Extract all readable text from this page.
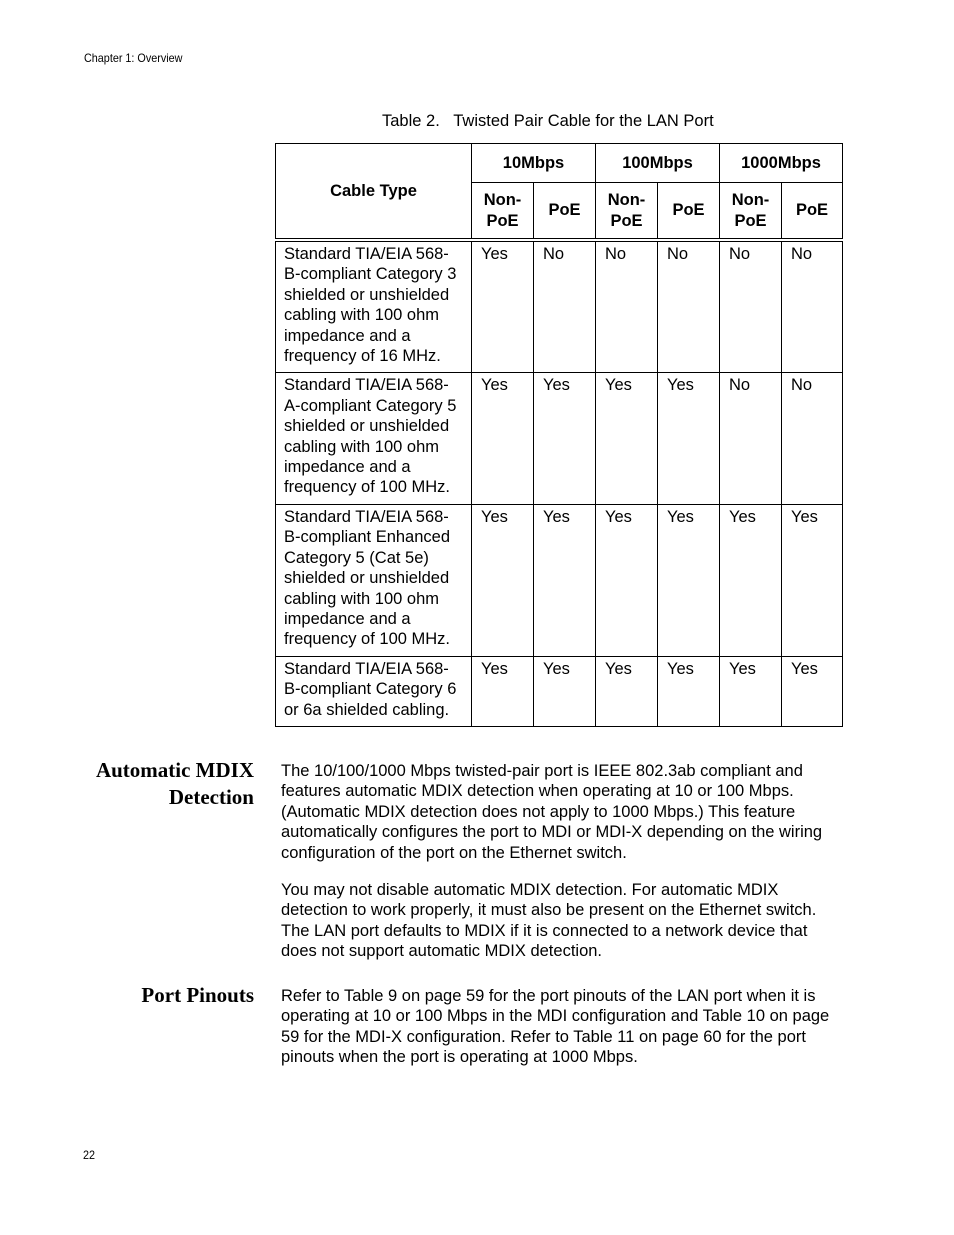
Chapter 1: Overview
Table 2.   Twisted Pair Cable for the LAN Port
Cable Type	10Mbps		100Mbps		1000Mbps	
	Non-PoE	PoE	Non-PoE	PoE	Non-PoE	PoE
Standard TIA/EIA 568-B-compliant Category 3 shielded or unshielded cabling with 100 ohm impedance and a frequency of 16 MHz.	Yes	No	No	No	No	No
Standard TIA/EIA 568-A-compliant Category 5 shielded or unshielded cabling with 100 ohm impedance and a frequency of 100 MHz.	Yes	Yes	Yes	Yes	No	No
Standard TIA/EIA 568-B-compliant Enhanced Category 5 (Cat 5e) shielded or unshielded cabling with 100 ohm impedance and a frequency of 100 MHz.	Yes	Yes	Yes	Yes	Yes	Yes
Standard TIA/EIA 568-B-compliant Category 6 or 6a shielded cabling.	Yes	Yes	Yes	Yes	Yes	Yes
Automatic MDIX
Detection
The 10/100/1000 Mbps twisted-pair port is IEEE 802.3ab compliant and features automatic MDIX detection when operating at 10 or 100 Mbps. (Automatic MDIX detection does not apply to 1000 Mbps.) This feature automatically configures the port to MDI or MDI-X depending on the wiring configuration of the port on the Ethernet switch.
You may not disable automatic MDIX detection. For automatic MDIX detection to work properly, it must also be present on the Ethernet switch. The LAN port defaults to MDIX if it is connected to a network device that does not support automatic MDIX detection.
Port Pinouts Refer to Table 9 on page 59 for the port pinouts of the LAN port when it is operating at 10 or 100 Mbps in the MDI configuration and Table 10 on page 59 for the MDI-X configuration. Refer to Table 11 on page 60 for the port pinouts when the port is operating at 1000 Mbps.
22
